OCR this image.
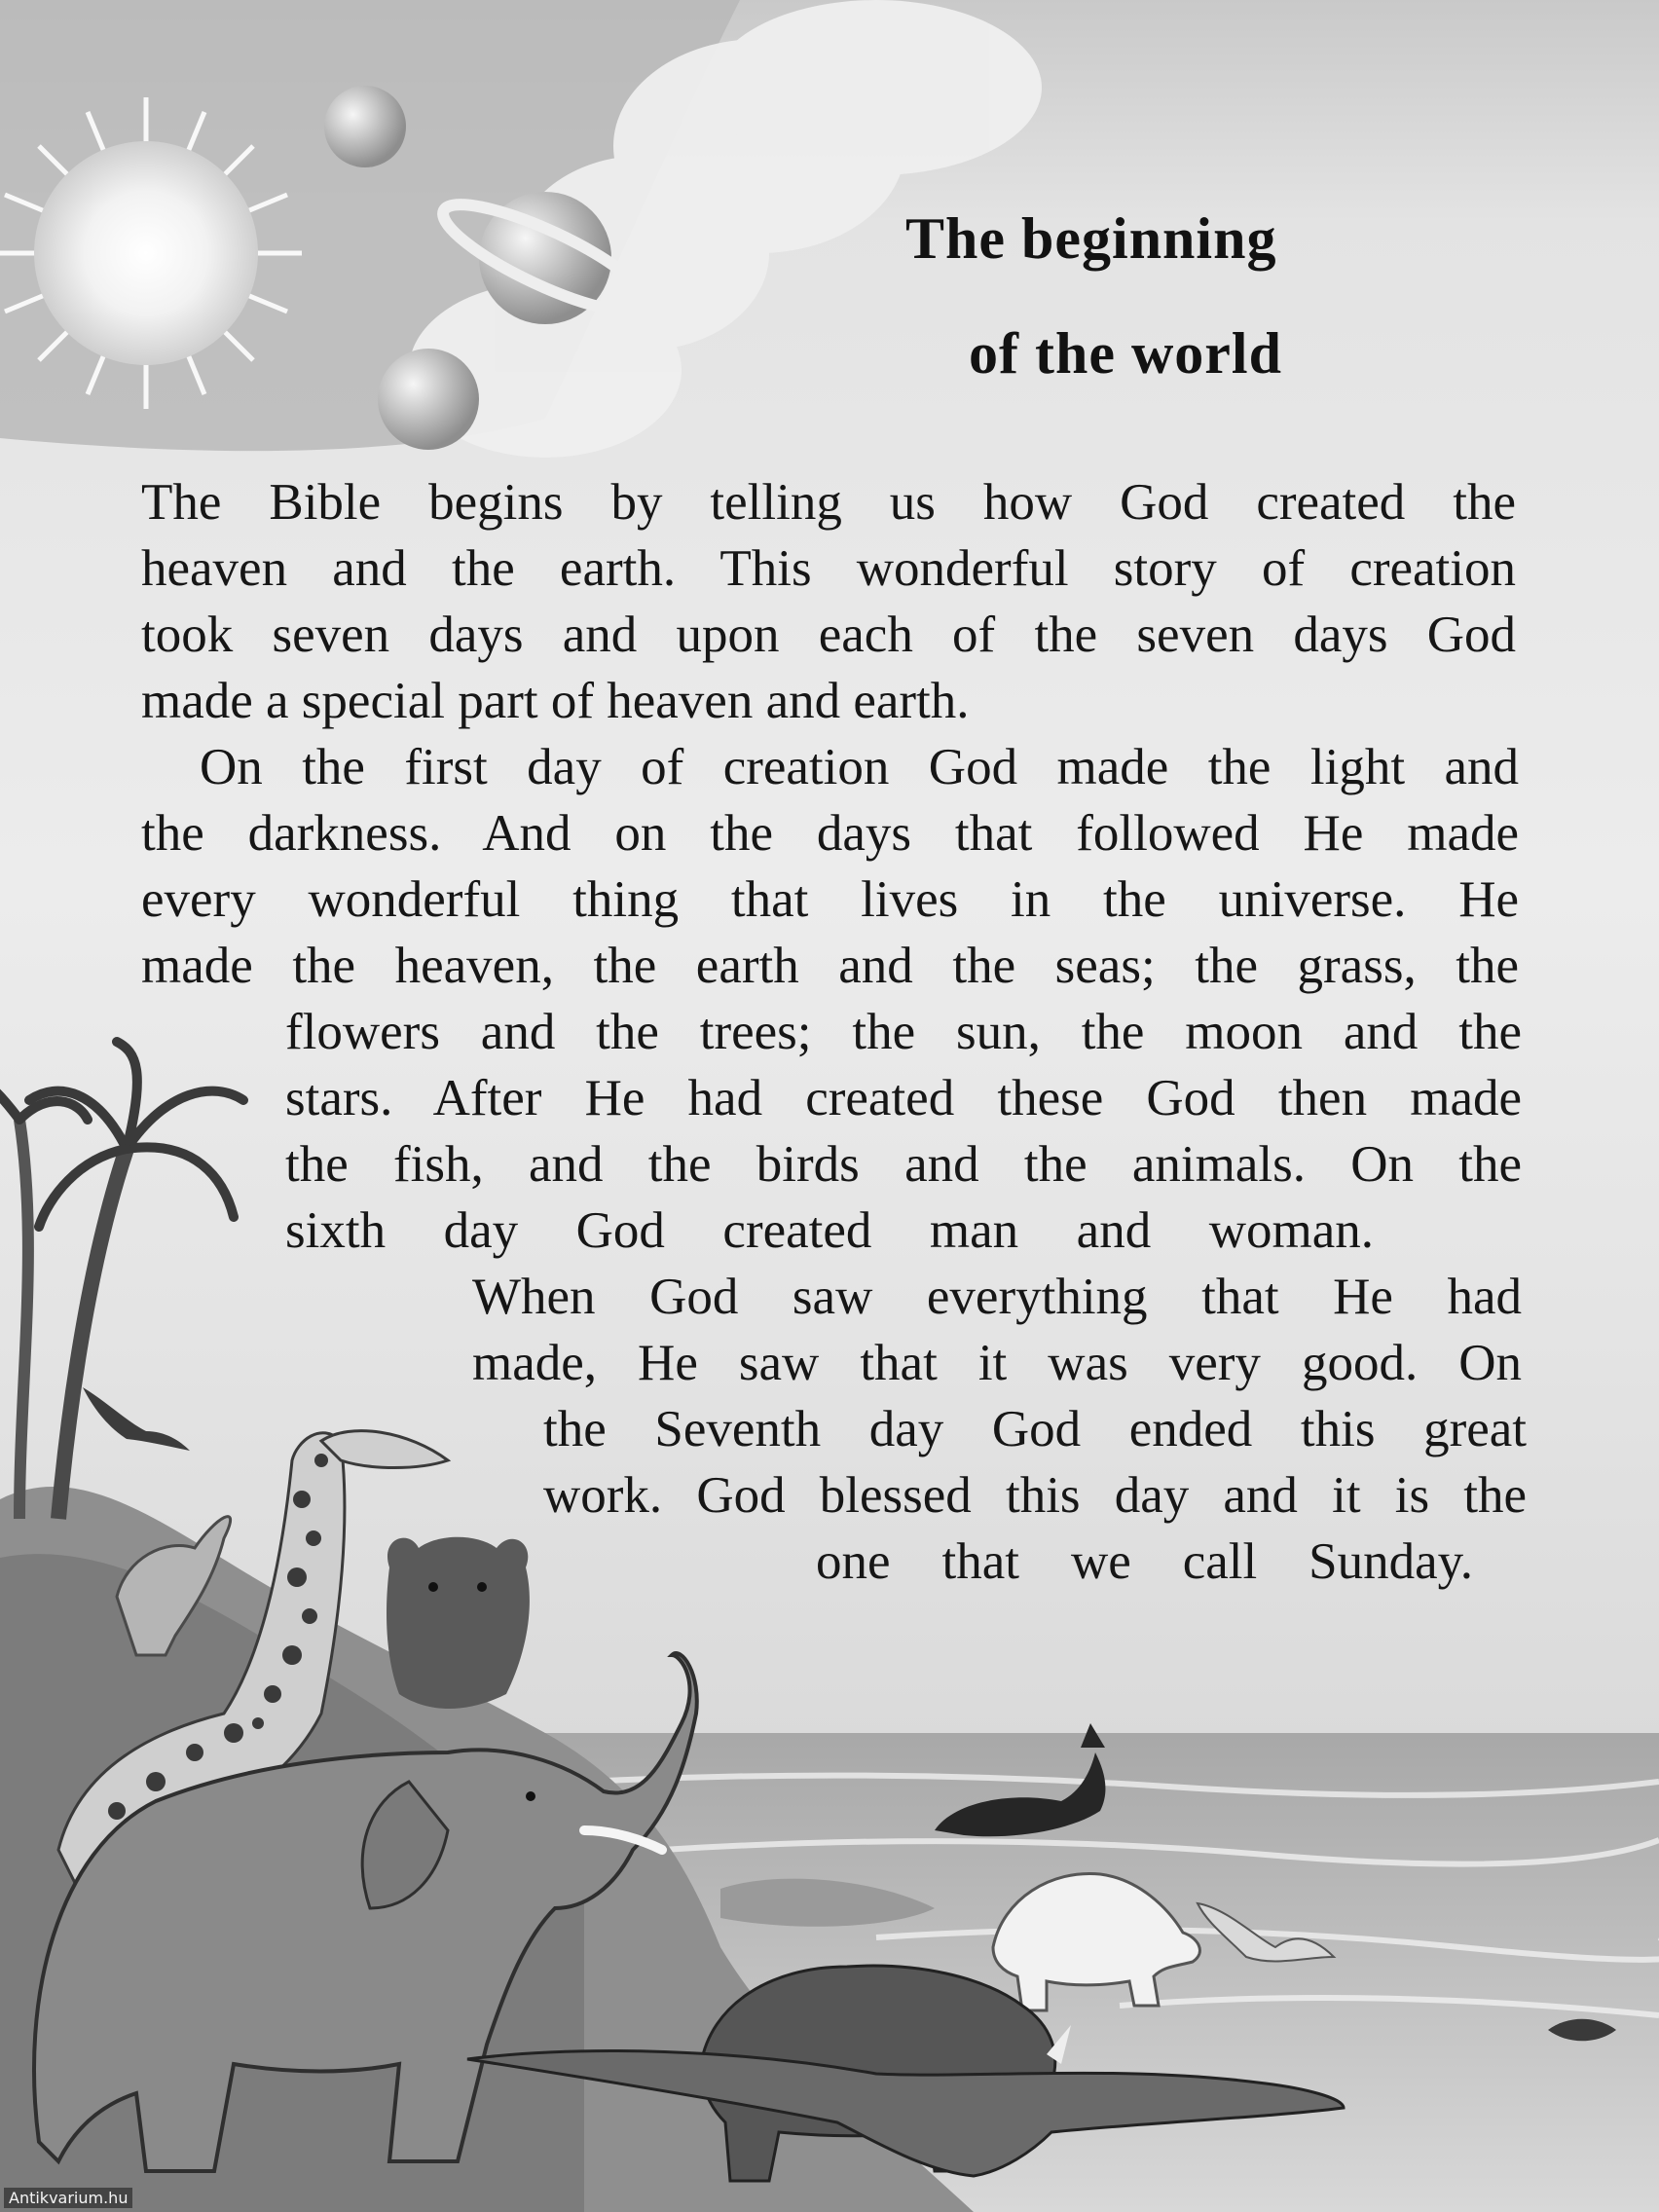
The beginning
of the world

The Bible begins by telling us how God created the

heaven and the earth. This wonderful story of creation

took seven days and upon each of the seven days God

made a special part of heaven and earth.

On the first day of creation God made the light and

the darkness. And on the days that followed He made

every wonderful thing that lives in the universe. He

made the heaven, the earth and the seas; the grass, the

flowers and the trees; the sun, the moon and the

stars. After He had created these God then made

the fish, and the birds and the animals. On the

sixth day God created man and woman.

When God saw everything that He had

made, He saw that it was very good. On

the Seventh day God ended this great

work. God blessed this day and it is the

one that we call Sunday.

Antikvarium.hu
